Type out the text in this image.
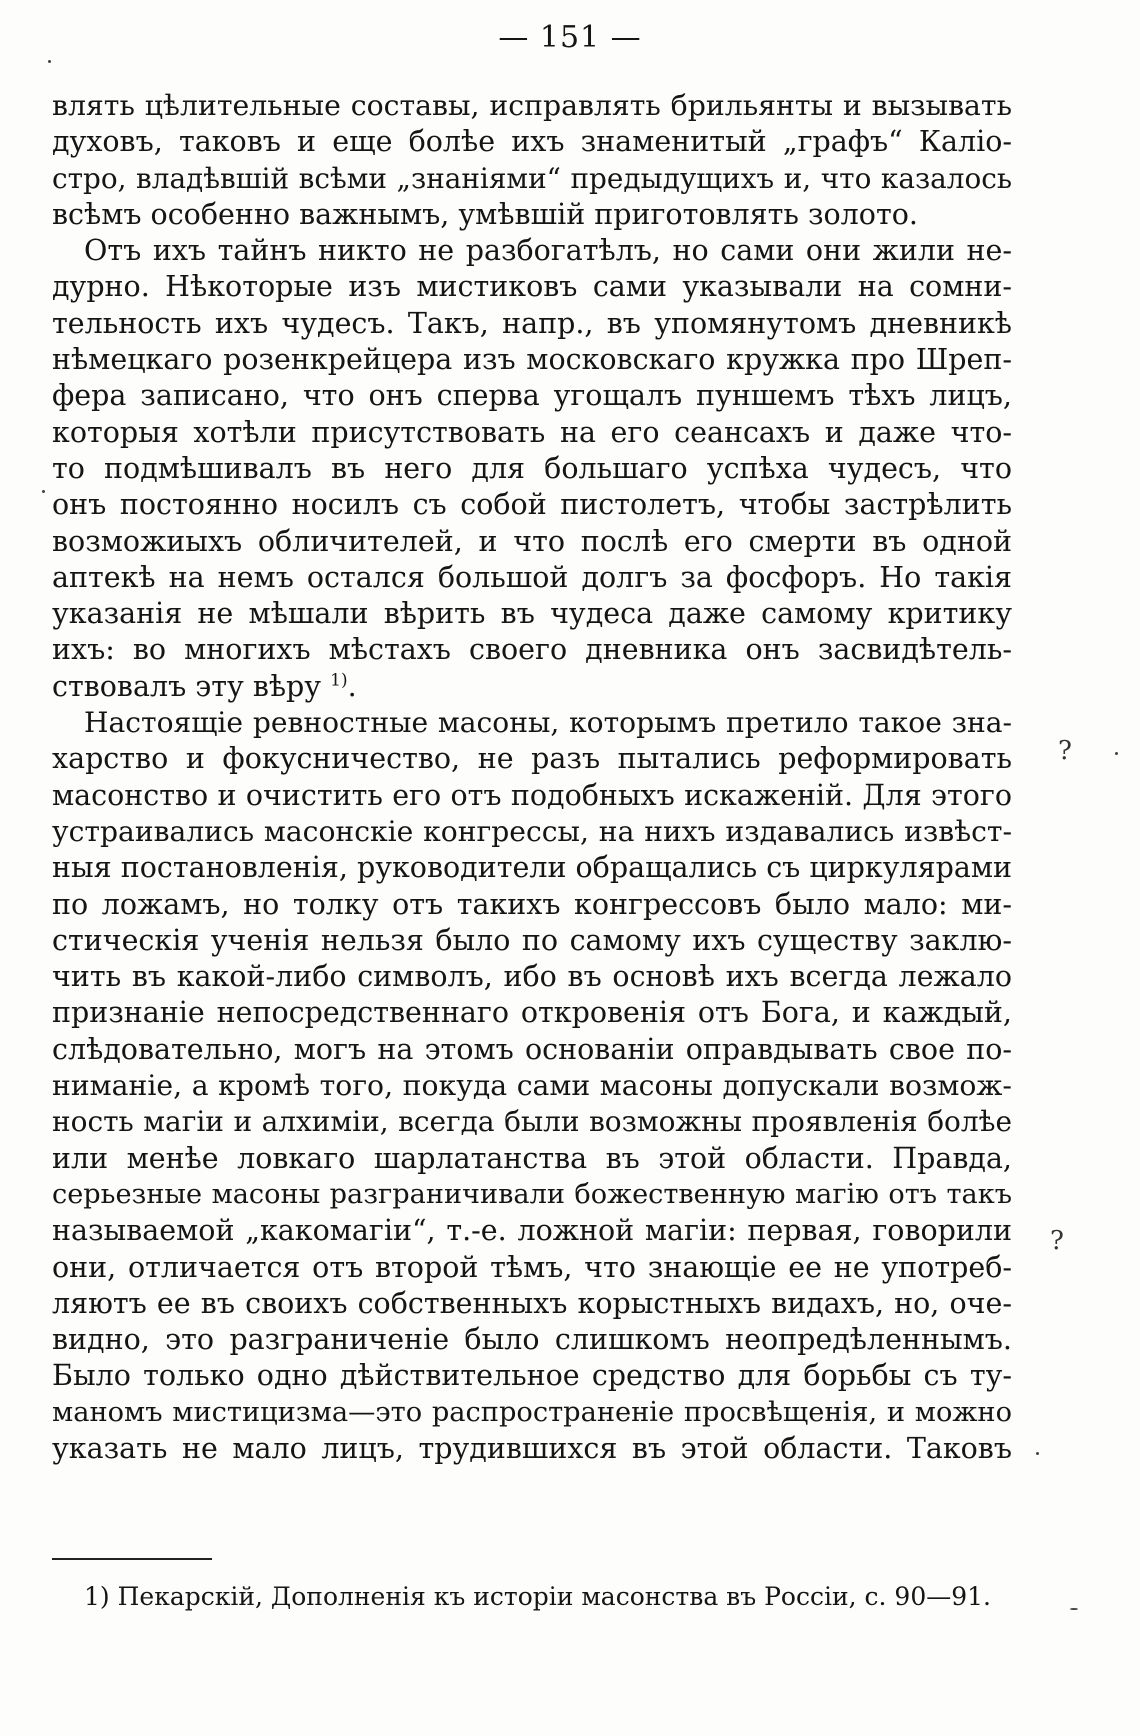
— 151 —
влять цѣлительные составы, исправлять брильянты и вызывать
духовъ, таковъ и еще болѣе ихъ знаменитый „графъ“ Каліо-
стро, владѣвшій всѣми „знаніями“ предыдущихъ и, что казалось
всѣмъ особенно важнымъ, умѣвшій приготовлять золото.
Отъ ихъ тайнъ никто не разбогатѣлъ, но сами они жили не-
дурно. Нѣкоторые изъ мистиковъ сами указывали на сомни-
тельность ихъ чудесъ. Такъ, напр., въ упомянутомъ дневникѣ
нѣмецкаго розенкрейцера изъ московскаго кружка про Шреп-
фера записано, что онъ сперва угощалъ пуншемъ тѣхъ лицъ,
которыя хотѣли присутствовать на его сеансахъ и даже что-
то подмѣшивалъ въ него для большаго успѣха чудесъ, что
онъ постоянно носилъ съ собой пистолетъ, чтобы застрѣлить
возможиыхъ обличителей, и что послѣ его смерти въ одной
аптекѣ на немъ остался большой долгъ за фосфоръ. Но такія
указанія не мѣшали вѣрить въ чудеса даже самому критику
ихъ: во многихъ мѣстахъ своего дневника онъ засвидѣтель-
ствовалъ эту вѣру $^{1)}$.
Настоящіе ревностные масоны, которымъ претило такое зна-
харство и фокусничество, не разъ пытались реформировать
масонство и очистить его отъ подобныхъ искаженій. Для этого
устраивались масонскіе конгрессы, на нихъ издавались извѣст-
ныя постановленія, руководители обращались съ циркулярами
по ложамъ, но толку отъ такихъ конгрессовъ было мало: ми-
стическія ученія нельзя было по самому ихъ существу заклю-
чить въ какой-либо символъ, ибо въ основѣ ихъ всегда лежало
признаніе непосредственнаго откровенія отъ Бога, и каждый,
слѣдовательно, могъ на этомъ основаніи оправдывать свое по-
ниманіе, а кромѣ того, покуда сами масоны допускали возмож-
ность магіи и алхиміи, всегда были возможны проявленія болѣе
или менѣе ловкаго шарлатанства въ этой области. Правда,
серьезные масоны разграничивали божественную магію отъ такъ
называемой „какомагіи“, т.-е. ложной магіи: первая, говорили
они, отличается отъ второй тѣмъ, что знающіе ее не употреб-
ляютъ ее въ своихъ собственныхъ корыстныхъ видахъ, но, оче-
видно, это разграниченіе было слишкомъ неопредѣленнымъ.
Было только одно дѣйствительное средство для борьбы съ ту-
маномъ мистицизма—это распространеніе просвѣщенія, и можно
указать не мало лицъ, трудившихся въ этой области. Таковъ
1) Пекарскій, Дополненія къ исторіи масонства въ Россіи, с. 90—91.
?
?
